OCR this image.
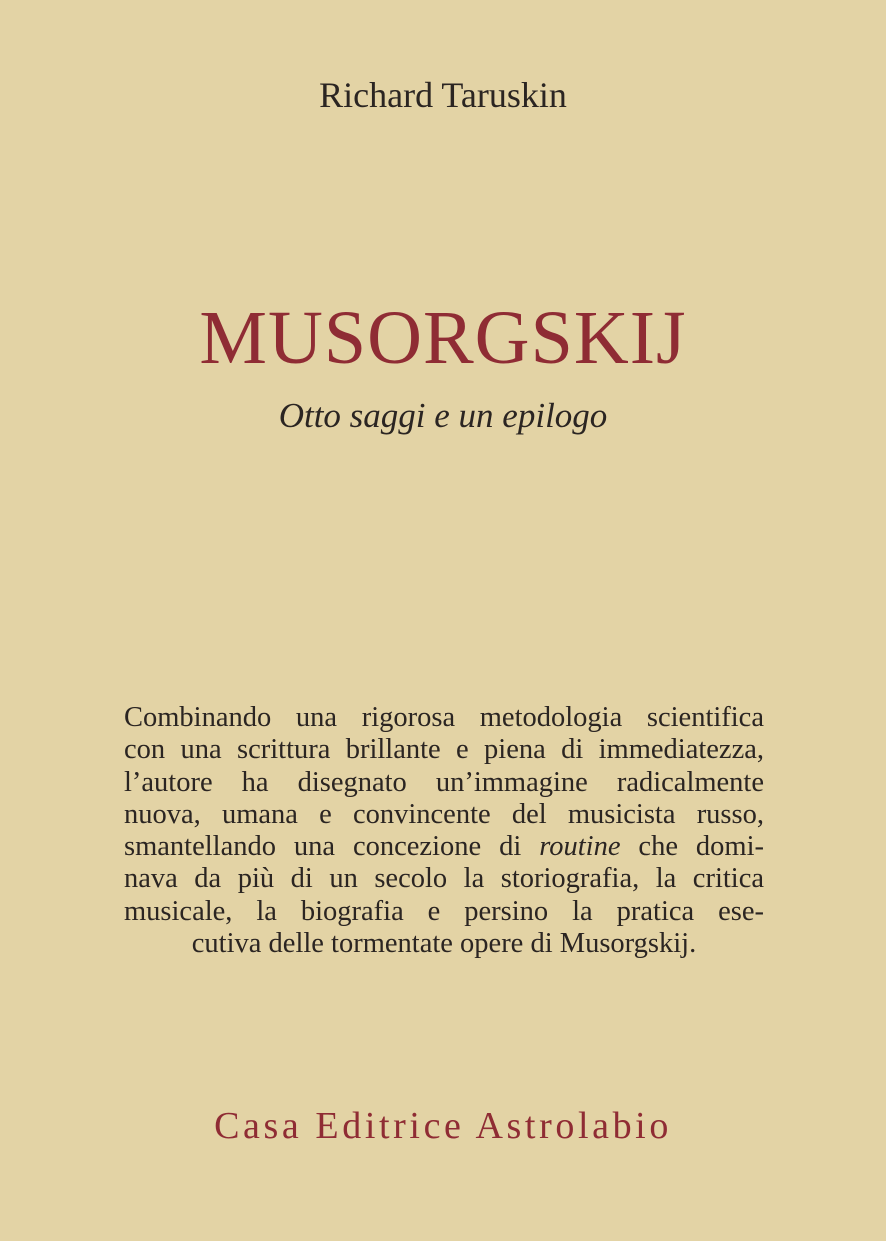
Richard Taruskin
MUSORGSKIJ
Otto saggi e un epilogo
Combinando una rigorosa metodologia scientifica
con una scrittura brillante e piena di immediatezza,
l’autore ha disegnato un’immagine radicalmente
nuova, umana e convincente del musicista russo,
smantellando una concezione di routine che domi-
nava da più di un secolo la storiografia, la critica
musicale, la biografia e persino la pratica ese-
cutiva delle tormentate opere di Musorgskij.
Casa Editrice Astrolabio
